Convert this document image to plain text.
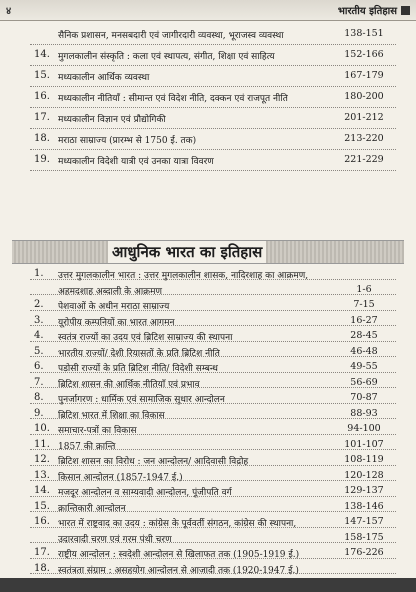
४	भारतीय इतिहास
सैनिक प्रशासन, मनसबदारी एवं जागीरदारी व्यवस्था, भूराजस्व व्यवस्था	138-151
14. मुगलकालीन संस्कृति : कला एवं स्थापत्य, संगीत, शिक्षा एवं साहित्य	152-166
15. मध्यकालीन आर्थिक व्यवस्था	167-179
16. मध्यकालीन नीतियाँ : सीमान्त एवं विदेश नीति, दक्कन एवं राजपूत नीति	180-200
17. मध्यकालीन विज्ञान एवं प्रौद्योगिकी	201-212
18. मराठा साम्राज्य (प्रारम्भ से 1750 ई. तक)	213-220
19. मध्यकालीन विदेशी यात्री एवं उनका यात्रा विवरण	221-229
आधुनिक भारत का इतिहास
1. उत्तर मुगलकालीन भारत : उत्तर मुगलकालीन शासक, नादिरशाह का आक्रमण,
अहमदशाह अब्दाली के आक्रमण	1-6
2. पेशवाओं के अधीन मराठा साम्राज्य	7-15
3. यूरोपीय कम्पनियों का भारत आगमन	16-27
4. स्वतंत्र राज्यों का उदय एवं ब्रिटिश साम्राज्य की स्थापना	28-45
5. भारतीय राज्यों/ देशी रियासतों के प्रति ब्रिटिश नीति	46-48
6. पड़ोसी राज्यों के प्रति ब्रिटिश नीति/ विदेशी सम्बन्ध	49-55
7. ब्रिटिश शासन की आर्थिक नीतियाँ एवं प्रभाव	56-69
8. पुनर्जागरण : धार्मिक एवं सामाजिक सुधार आन्दोलन	70-87
9. ब्रिटिश भारत में शिक्षा का विकास	88-93
10. समाचार-पत्रों का विकास	94-100
11. 1857 की क्रान्ति	101-107
12. ब्रिटिश शासन का विरोध : जन आन्दोलन/ आदिवासी विद्रोह	108-119
13. किसान आन्दोलन (1857-1947 ई.)	120-128
14. मजदूर आन्दोलन व साम्यवादी आन्दोलन, पूंजीपति वर्ग	129-137
15. क्रान्तिकारी आन्दोलन	138-146
16. भारत में राष्ट्रवाद का उदय : कांग्रेस के पूर्ववर्ती संगठन, कांग्रेस की स्थापना,	147-157
उदारवादी चरण एवं गरम पंथी चरण	158-175
17. राष्ट्रीय आन्दोलन : स्वदेशी आन्दोलन से खिलाफत तक (1905-1919 ई.)	176-226
18. स्वतंत्रता संग्राम : असहयोग आन्दोलन से आजादी तक (1920-1947 ई.)
